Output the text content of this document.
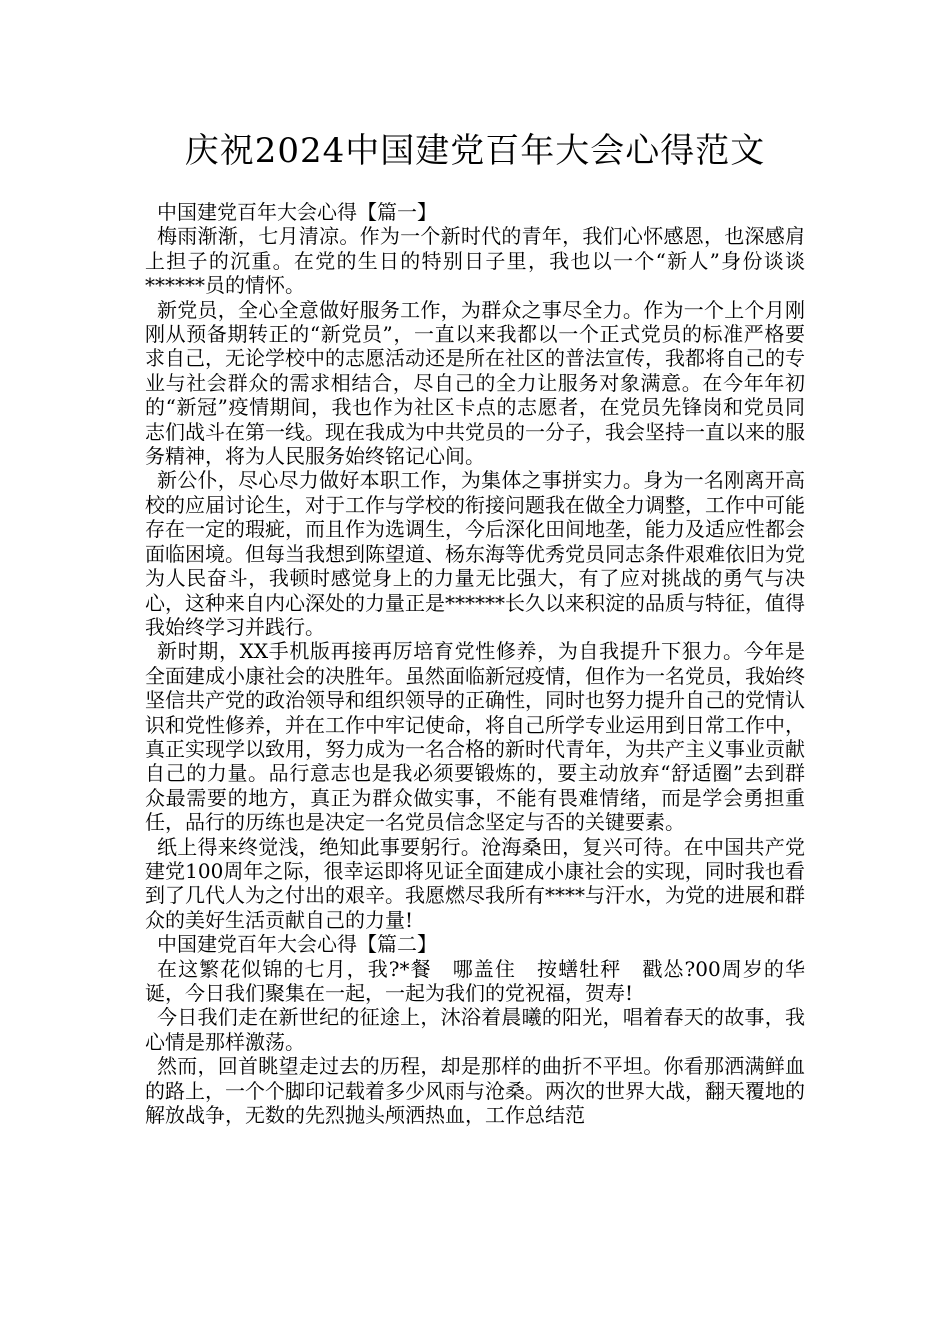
庆祝2024中国建党百年大会心得范文

中国建党百年大会心得【篇一】

梅雨渐渐，七月清凉。作为一个新时代的青年，我们心怀感恩，也深感肩上担子的沉重。在党的生日的特别日子里，我也以一个“新人”身份谈谈******员的情怀。

新党员，全心全意做好服务工作，为群众之事尽全力。作为一个上个月刚刚从预备期转正的“新党员”，一直以来我都以一个正式党员的标准严格要求自己，无论学校中的志愿活动还是所在社区的普法宣传，我都将自己的专业与社会群众的需求相结合，尽自己的全力让服务对象满意。在今年年初的“新冠”疫情期间，我也作为社区卡点的志愿者，在党员先锋岗和党员同志们战斗在第一线。现在我成为中共党员的一分子，我会坚持一直以来的服务精神，将为人民服务始终铭记心间。

新公仆，尽心尽力做好本职工作，为集体之事拼实力。身为一名刚离开高校的应届讨论生，对于工作与学校的衔接问题我在做全力调整，工作中可能存在一定的瑕疵，而且作为选调生，今后深化田间地垄，能力及适应性都会面临困境。但每当我想到陈望道、杨东海等优秀党员同志条件艰难依旧为党为人民奋斗，我顿时感觉身上的力量无比强大，有了应对挑战的勇气与决心，这种来自内心深处的力量正是******长久以来积淀的品质与特征，值得我始终学习并践行。

新时期，XX手机版再接再厉培育党性修养，为自我提升下狠力。今年是全面建成小康社会的决胜年。虽然面临新冠疫情，但作为一名党员，我始终坚信共产党的政治领导和组织领导的正确性，同时也努力提升自己的党情认识和党性修养，并在工作中牢记使命，将自己所学专业运用到日常工作中，真正实现学以致用，努力成为一名合格的新时代青年，为共产主义事业贡献自己的力量。品行意志也是我必须要锻炼的，要主动放弃“舒适圈”去到群众最需要的地方，真正为群众做实事，不能有畏难情绪，而是学会勇担重任，品行的历练也是决定一名党员信念坚定与否的关键要素。

纸上得来终觉浅，绝知此事要躬行。沧海桑田，复兴可待。在中国共产党建党100周年之际，很幸运即将见证全面建成小康社会的实现，同时我也看到了几代人为之付出的艰辛。我愿燃尽我所有****与汗水，为党的进展和群众的美好生活贡献自己的力量!

中国建党百年大会心得【篇二】

在这繁花似锦的七月，我?*餐　哪盖住　按蟮牡秤　戳怂?00周岁的华诞，今日我们聚集在一起，一起为我们的党祝福，贺寿!

今日我们走在新世纪的征途上，沐浴着晨曦的阳光，唱着春天的故事，我心情是那样激荡。

然而，回首眺望走过去的历程，却是那样的曲折不平坦。你看那洒满鲜血的路上，一个个脚印记载着多少风雨与沧桑。两次的世界大战，翻天覆地的解放战争，无数的先烈抛头颅洒热血，工作总结范
